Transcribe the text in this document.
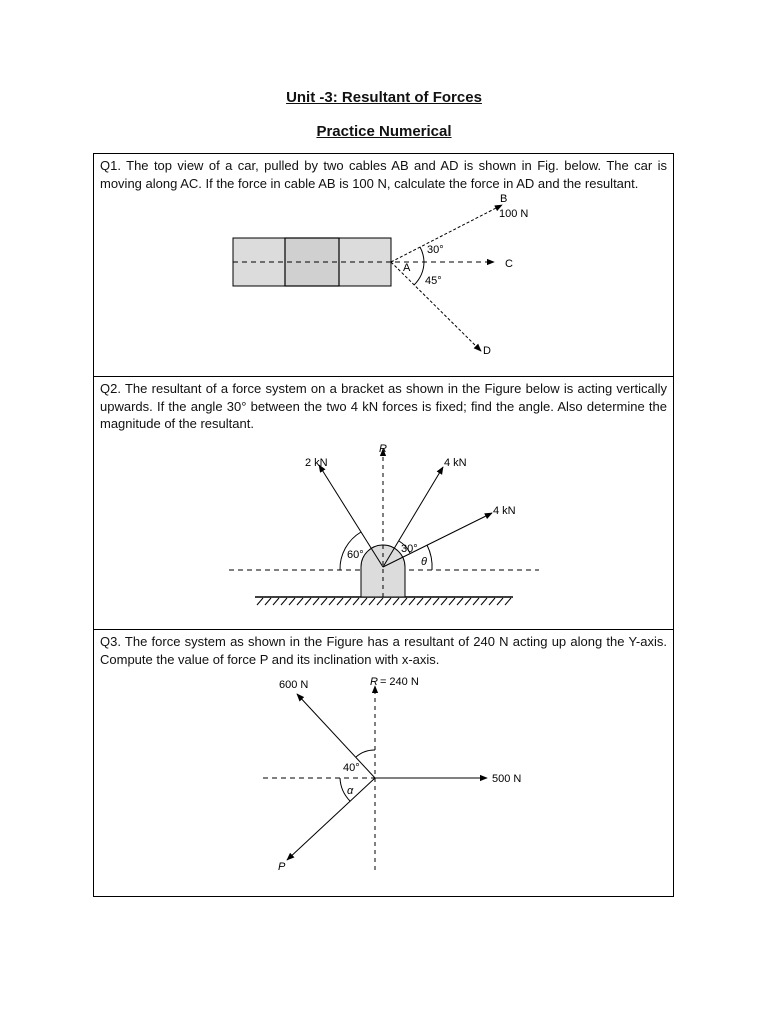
Unit -3: Resultant of Forces
Practice Numerical
Q1. The top view of a car, pulled by two cables AB and AD is shown in Fig. below. The car is moving along AC. If the force in cable AB is 100 N, calculate the force in AD and the resultant.
B
100 N
C
A
D
30°
45°
Q2. The resultant of a force system on a bracket as shown in the Figure below is acting vertically upwards. If the angle 30° between the two 4 kN forces is fixed; find the angle. Also determine the magnitude of the resultant.
R
2 kN	4 kN
4 kN
60°	30°
θ
Q3. The force system as shown in the Figure has a resultant of 240 N acting up along the Y-axis. Compute the value of force P and its inclination with x-axis.
600 N	R = 240 N
500 N
40°
α
P
